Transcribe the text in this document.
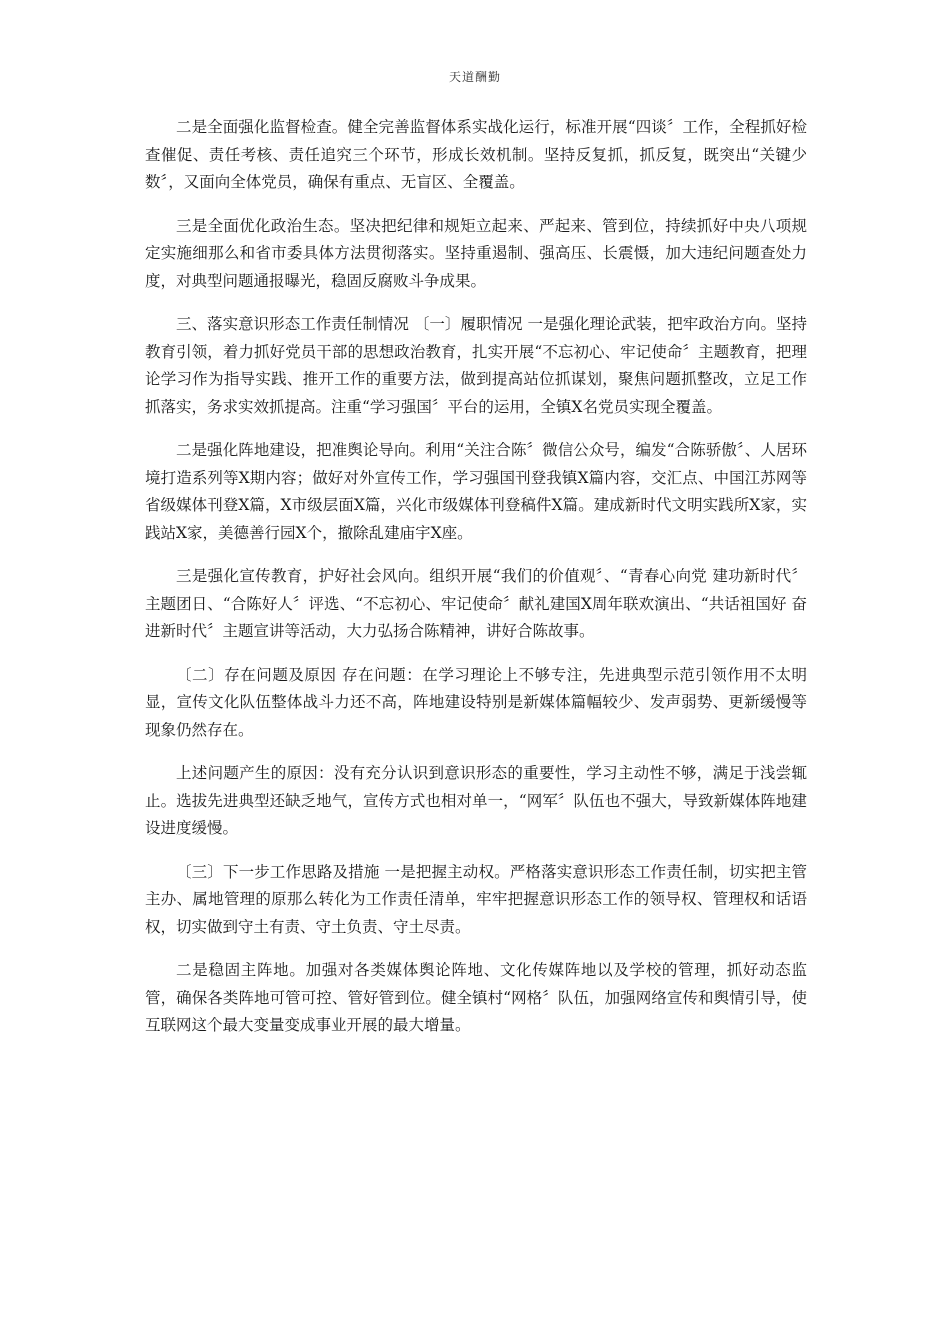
天道酬勤

二是全面强化监督检查。健全完善监督体系实战化运行，标准开展“四谈〞工作，全程抓好检查催促、责任考核、责任追究三个环节，形成长效机制。坚持反复抓，抓反复，既突出“关键少数〞，又面向全体党员，确保有重点、无盲区、全覆盖。

三是全面优化政治生态。坚决把纪律和规矩立起来、严起来、管到位，持续抓好中央八项规定实施细那么和省市委具体方法贯彻落实。坚持重遏制、强高压、长震慑，加大违纪问题查处力度，对典型问题通报曝光，稳固反腐败斗争成果。

三、落实意识形态工作责任制情况 〔一〕履职情况 一是强化理论武装，把牢政治方向。坚持教育引领，着力抓好党员干部的思想政治教育，扎实开展“不忘初心、牢记使命〞主题教育，把理论学习作为指导实践、推开工作的重要方法，做到提高站位抓谋划，聚焦问题抓整改，立足工作抓落实，务求实效抓提高。注重“学习强国〞平台的运用，全镇X名党员实现全覆盖。

二是强化阵地建设，把准舆论导向。利用“关注合陈〞微信公众号，编发“合陈骄傲〞、人居环境打造系列等X期内容；做好对外宣传工作，学习强国刊登我镇X篇内容，交汇点、中国江苏网等省级媒体刊登X篇，X市级层面X篇，兴化市级媒体刊登稿件X篇。建成新时代文明实践所X家，实践站X家，美德善行园X个，撤除乱建庙宇X座。

三是强化宣传教育，护好社会风向。组织开展“我们的价值观〞、“青春心向党 建功新时代〞主题团日、“合陈好人〞评选、“不忘初心、牢记使命〞献礼建国X周年联欢演出、“共话祖国好 奋进新时代〞主题宣讲等活动，大力弘扬合陈精神，讲好合陈故事。

〔二〕存在问题及原因 存在问题：在学习理论上不够专注，先进典型示范引领作用不太明显，宣传文化队伍整体战斗力还不高，阵地建设特别是新媒体篇幅较少、发声弱势、更新缓慢等现象仍然存在。

上述问题产生的原因：没有充分认识到意识形态的重要性，学习主动性不够，满足于浅尝辄止。选拔先进典型还缺乏地气，宣传方式也相对单一，“网军〞队伍也不强大，导致新媒体阵地建设进度缓慢。

〔三〕下一步工作思路及措施 一是把握主动权。严格落实意识形态工作责任制，切实把主管主办、属地管理的原那么转化为工作责任清单，牢牢把握意识形态工作的领导权、管理权和话语权，切实做到守土有责、守土负责、守土尽责。

二是稳固主阵地。加强对各类媒体舆论阵地、文化传媒阵地以及学校的管理，抓好动态监管，确保各类阵地可管可控、管好管到位。健全镇村“网格〞队伍，加强网络宣传和舆情引导，使互联网这个最大变量变成事业开展的最大增量。
